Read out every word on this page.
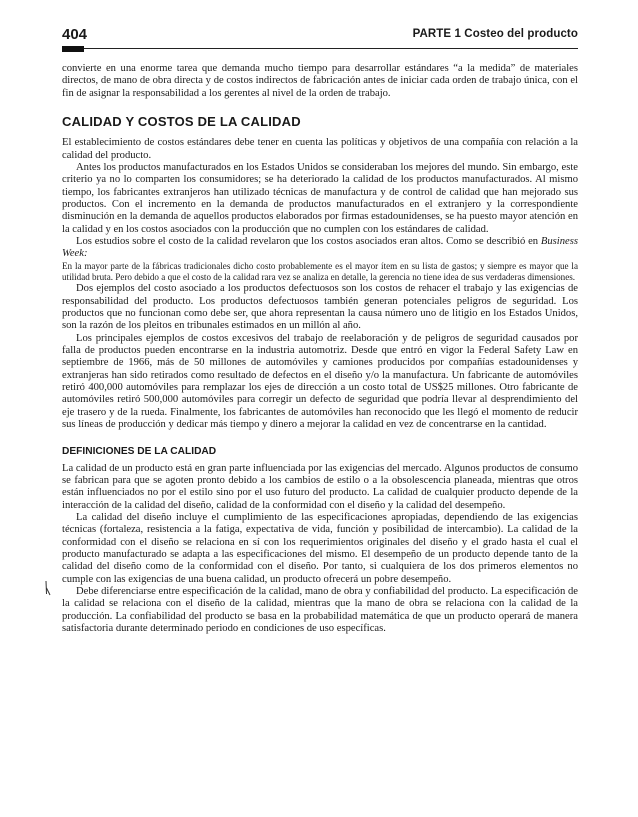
404	PARTE 1 Costeo del producto

convierte en una enorme tarea que demanda mucho tiempo para desarrollar estándares “a la medida” de materiales directos, de mano de obra directa y de costos indirectos de fabricación antes de iniciar cada orden de trabajo única, con el fin de asignar la responsabilidad a los gerentes al nivel de la orden de trabajo.

CALIDAD Y COSTOS DE LA CALIDAD

El establecimiento de costos estándares debe tener en cuenta las políticas y objetivos de una compañía con relación a la calidad del producto.

Antes los productos manufacturados en los Estados Unidos se consideraban los mejores del mundo. Sin embargo, este criterio ya no lo comparten los consumidores; se ha deteriorado la calidad de los productos manufacturados. Al mismo tiempo, los fabricantes extranjeros han utilizado técnicas de manufactura y de control de calidad que han mejorado sus productos. Con el incremento en la demanda de productos manufacturados en el extranjero y la correspondiente disminución en la demanda de aquellos productos elaborados por firmas estadounidenses, se ha puesto mayor atención en la calidad y en los costos asociados con la producción que no cumplen con los estándares de calidad.

Los estudios sobre el costo de la calidad revelaron que los costos asociados eran altos. Como se describió en Business Week:

En la mayor parte de la fábricas tradicionales dicho costo probablemente es el mayor ítem en su lista de gastos; y siempre es mayor que la utilidad bruta. Pero debido a que el costo de la calidad rara vez se analiza en detalle, la gerencia no tiene idea de sus verdaderas dimensiones.

Dos ejemplos del costo asociado a los productos defectuosos son los costos de rehacer el trabajo y las exigencias de responsabilidad del producto. Los productos defectuosos también generan potenciales peligros de seguridad. Los productos que no funcionan como debe ser, que ahora representan la causa número uno de litigio en los Estados Unidos, son la razón de los pleitos en tribunales estimados en un millón al año.

Los principales ejemplos de costos excesivos del trabajo de reelaboración y de peligros de seguridad causados por falla de productos pueden encontrarse en la industria automotriz. Desde que entró en vigor la Federal Safety Law en septiembre de 1966, más de 50 millones de automóviles y camiones producidos por compañías estadounidenses y extranjeras han sido retirados como resultado de defectos en el diseño y/o la manufactura. Un fabricante de automóviles retiró 400,000 automóviles para remplazar los ejes de dirección a un costo total de US$25 millones. Otro fabricante de automóviles retiró 500,000 automóviles para corregir un defecto de seguridad que podría llevar al desprendimiento del eje trasero y de la rueda. Finalmente, los fabricantes de automóviles han reconocido que les llegó el momento de reducir sus líneas de producción y dedicar más tiempo y dinero a mejorar la calidad en vez de concentrarse en la cantidad.

DEFINICIONES DE LA CALIDAD

La calidad de un producto está en gran parte influenciada por las exigencias del mercado. Algunos productos de consumo se fabrican para que se agoten pronto debido a los cambios de estilo o a la obsolescencia planeada, mientras que otros están influenciados no por el estilo sino por el uso futuro del producto. La calidad de cualquier producto depende de la interacción de la calidad del diseño, calidad de la conformidad con el diseño y la calidad del desempeño.

La calidad del diseño incluye el cumplimiento de las especificaciones apropiadas, dependiendo de las exigencias técnicas (fortaleza, resistencia a la fatiga, expectativa de vida, función y posibilidad de intercambio). La calidad de la conformidad con el diseño se relaciona en sí con los requerimientos originales del diseño y el grado hasta el cual el producto manufacturado se adapta a las especificaciones del mismo. El desempeño de un producto depende tanto de la calidad del diseño como de la conformidad con el diseño. Por tanto, si cualquiera de los dos primeros elementos no cumple con las exigencias de una buena calidad, un producto ofrecerá un pobre desempeño.

Debe diferenciarse entre especificación de la calidad, mano de obra y confiabilidad del producto. La especificación de la calidad se relaciona con el diseño de la calidad, mientras que la mano de obra se relaciona con la calidad de la producción. La confiabilidad del producto se basa en la probabilidad matemática de que un producto operará de manera satisfactoria durante determinado periodo en condiciones de uso específicas.
